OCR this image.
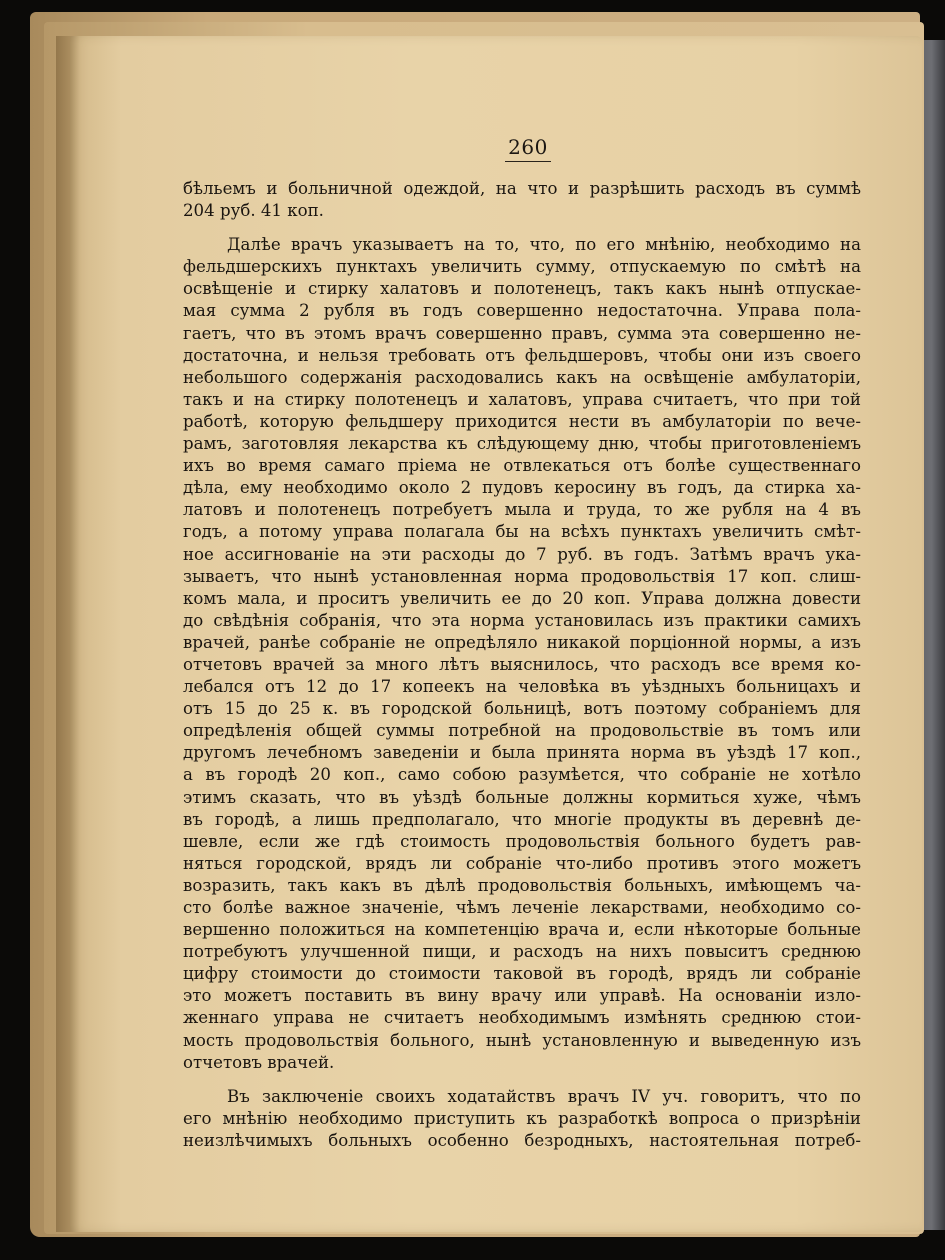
260
бѣльемъ и больничной одеждой, на что и разрѣшить расходъ въ суммѣ
204 руб. 41 коп.
Далѣе врачъ указываетъ на то, что, по его мнѣнію, необходимо на
фельдшерскихъ пунктахъ увеличить сумму, отпускаемую по смѣтѣ на
освѣщеніе и стирку халатовъ и полотенецъ, такъ какъ нынѣ отпускае-
мая сумма 2 рубля въ годъ совершенно недостаточна. Управа пола-
гаетъ, что въ этомъ врачъ совершенно правъ, сумма эта совершенно не-
достаточна, и нельзя требовать отъ фельдшеровъ, чтобы они изъ своего
небольшого содержанія расходовались какъ на освѣщеніе амбулаторіи,
такъ и на стирку полотенецъ и халатовъ, управа считаетъ, что при той
работѣ, которую фельдшеру приходится нести въ амбулаторіи по вече-
рамъ, заготовляя лекарства къ слѣдующему дню, чтобы приготовленіемъ
ихъ во время самаго пріема не отвлекаться отъ болѣе существеннаго
дѣла, ему необходимо около 2 пудовъ керосину въ годъ, да стирка ха-
латовъ и полотенецъ потребуетъ мыла и труда, то же рубля на 4 въ
годъ, а потому управа полагала бы на всѣхъ пунктахъ увеличить смѣт-
ное ассигнованіе на эти расходы до 7 руб. въ годъ. Затѣмъ врачъ ука-
зываетъ, что нынѣ установленная норма продовольствія 17 коп. слиш-
комъ мала, и проситъ увеличить ее до 20 коп. Управа должна довести
до свѣдѣнія собранія, что эта норма установилась изъ практики самихъ
врачей, ранѣе собраніе не опредѣляло никакой порціонной нормы, а изъ
отчетовъ врачей за много лѣтъ выяснилось, что расходъ все время ко-
лебался отъ 12 до 17 копеекъ на человѣка въ уѣздныхъ больницахъ и
отъ 15 до 25 к. въ городской больницѣ, вотъ поэтому собраніемъ для
опредѣленія общей суммы потребной на продовольствіе въ томъ или
другомъ лечебномъ заведеніи и была принята норма въ уѣздѣ 17 коп.,
а въ городѣ 20 коп., само собою разумѣется, что собраніе не хотѣло
этимъ сказать, что въ уѣздѣ больные должны кормиться хуже, чѣмъ
въ городѣ, а лишь предполагало, что многіе продукты въ деревнѣ де-
шевле, если же гдѣ стоимость продовольствія больного будетъ рав-
няться городской, врядъ ли собраніе что-либо противъ этого можетъ
возразить, такъ какъ въ дѣлѣ продовольствія больныхъ, имѣющемъ ча-
сто болѣе важное значеніе, чѣмъ леченіе лекарствами, необходимо со-
вершенно положиться на компетенцію врача и, если нѣкоторые больные
потребуютъ улучшенной пищи, и расходъ на нихъ повыситъ среднюю
цифру стоимости до стоимости таковой въ городѣ, врядъ ли собраніе
это можетъ поставить въ вину врачу или управѣ. На основаніи изло-
женнаго управа не считаетъ необходимымъ измѣнять среднюю стои-
мость продовольствія больного, нынѣ установленную и выведенную изъ
отчетовъ врачей.
Въ заключеніе своихъ ходатайствъ врачъ IV уч. говоритъ, что по
его мнѣнію необходимо приступить къ разработкѣ вопроса о призрѣніи
неизлѣчимыхъ больныхъ особенно безродныхъ, настоятельная потреб-
